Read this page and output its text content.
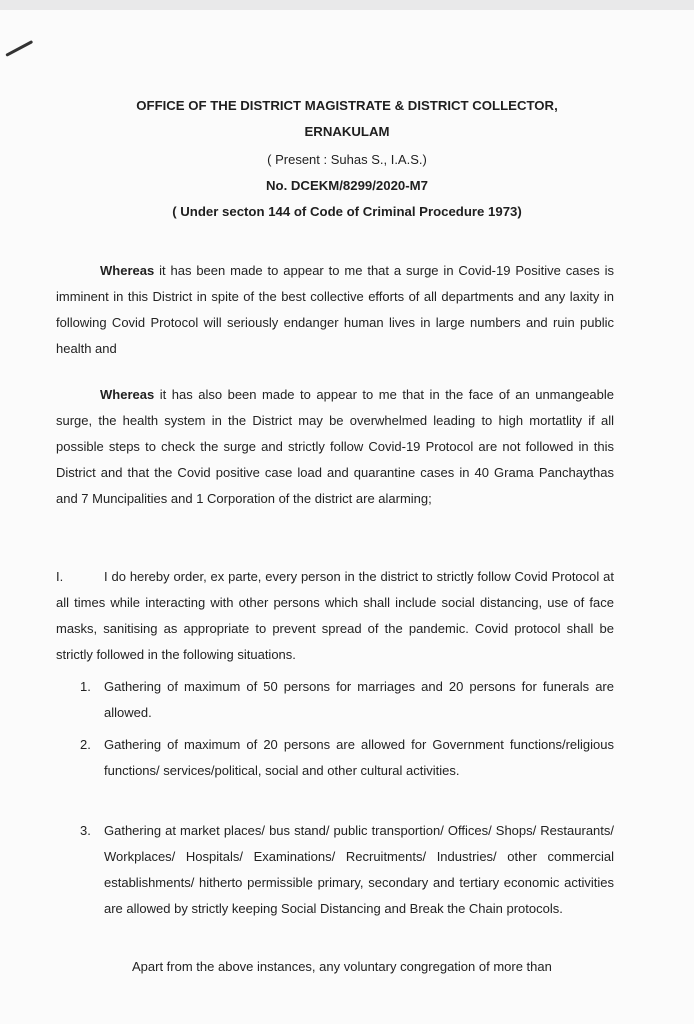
OFFICE OF THE DISTRICT MAGISTRATE & DISTRICT COLLECTOR,
ERNAKULAM
( Present : Suhas S., I.A.S.)
No. DCEKM/8299/2020-M7
( Under secton 144 of Code of Criminal Procedure 1973)
Whereas it has been made to appear to me that a surge in Covid-19 Positive cases is imminent in this District in spite of the best collective efforts of all departments and any laxity in following Covid Protocol will seriously endanger human lives in large numbers and ruin public health and
Whereas it has also been made to appear to me that in the face of an unmangeable surge, the health system in the District may be overwhelmed leading to high mortatlity if all possible steps to check the surge and strictly follow Covid-19 Protocol are not followed in this District and that the Covid positive case load and quarantine cases in 40 Grama Panchaythas and 7 Muncipalities and 1 Corporation of the district are alarming;
I.	I do hereby order, ex parte, every person in the district to strictly follow Covid Protocol at all times while interacting with other persons which shall include social distancing, use of face masks, sanitising as appropriate to prevent spread of the pandemic. Covid protocol shall be strictly followed in the following situations.
1. Gathering of maximum of 50 persons for marriages and 20 persons for funerals are allowed.
2. Gathering of maximum of 20 persons are allowed for Government functions/religious functions/ services/political, social and other cultural activities.
3. Gathering at market places/ bus stand/ public transportion/ Offices/ Shops/ Restaurants/ Workplaces/ Hospitals/ Examinations/ Recruitments/ Industries/ other commercial establishments/ hitherto permissible primary, secondary and tertiary economic activities are allowed by strictly keeping Social Distancing and Break the Chain protocols.
Apart from the above instances, any voluntary congregation of more than
